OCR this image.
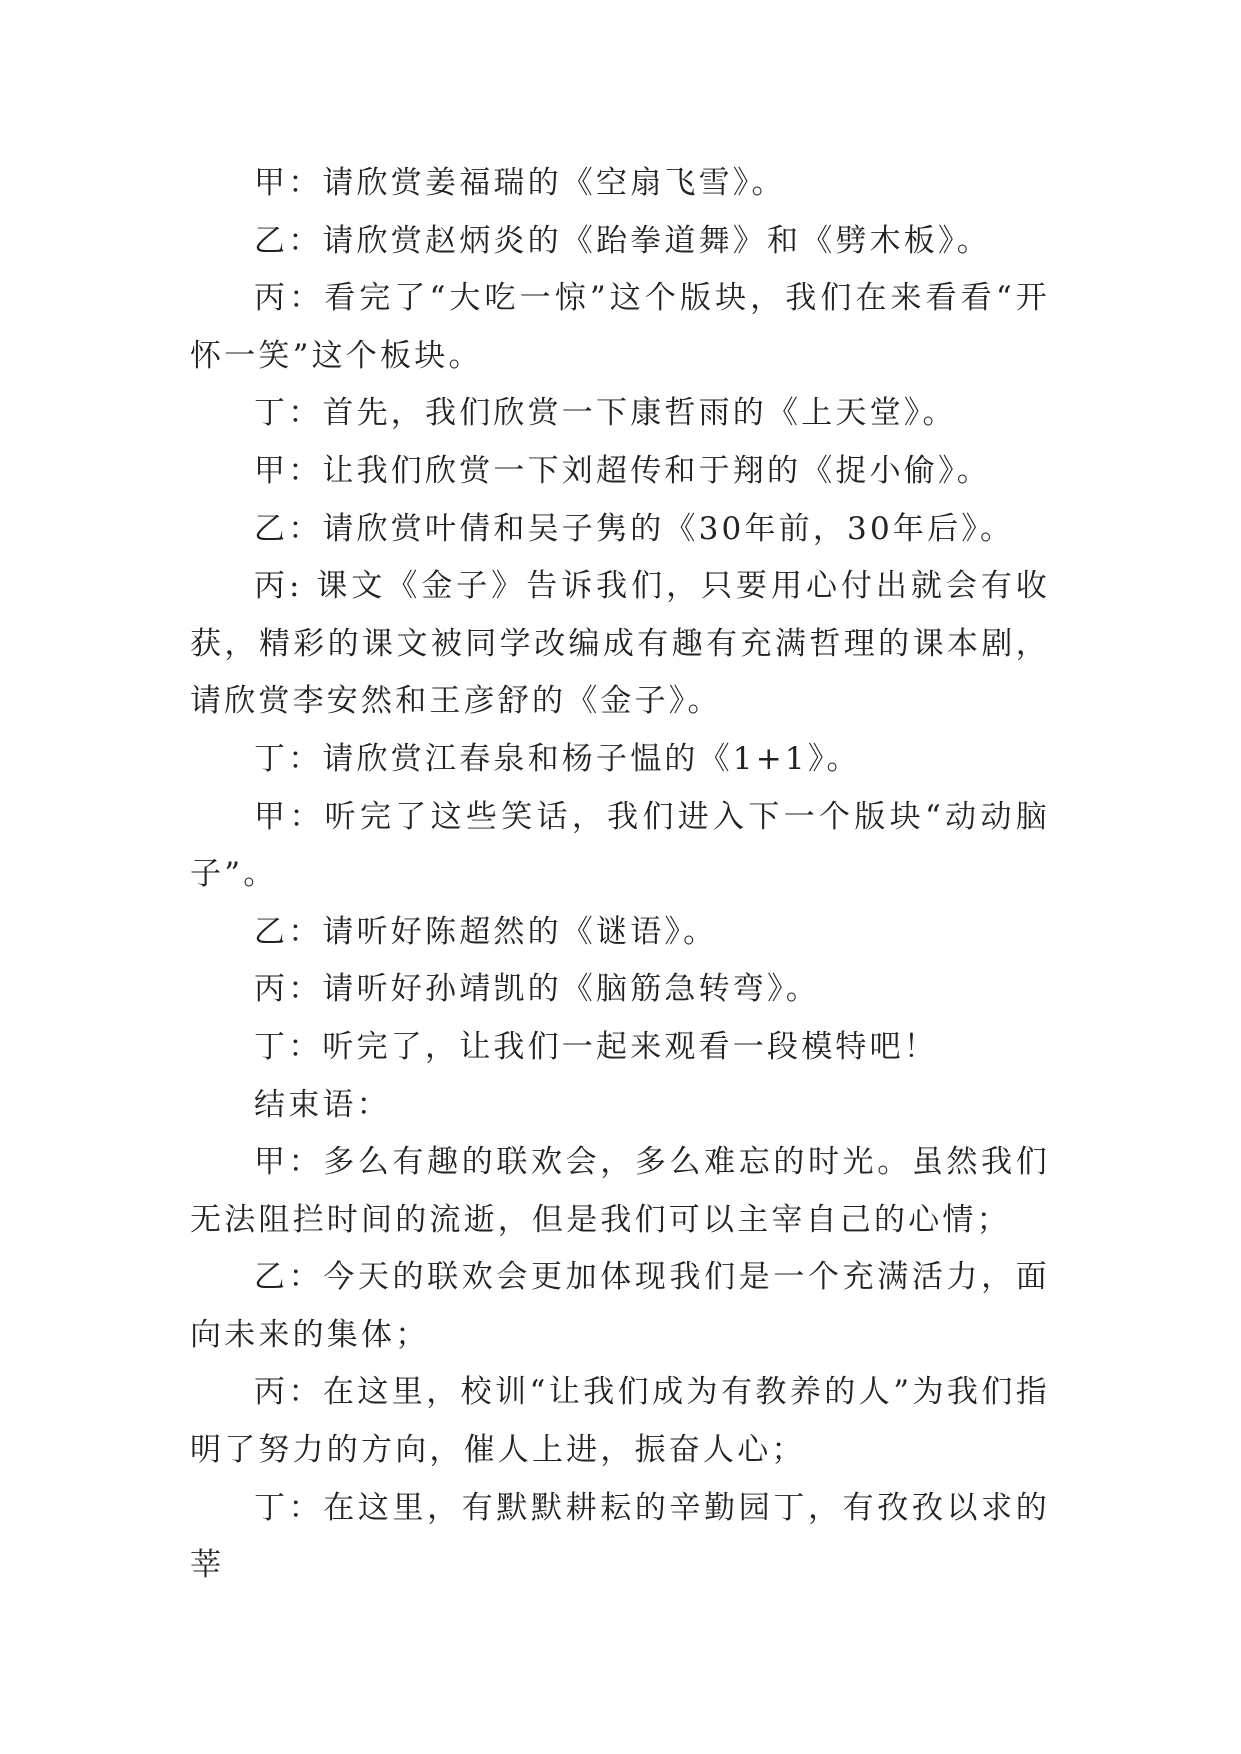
甲：请欣赏姜福瑞的《空扇飞雪》。

乙：请欣赏赵炳炎的《跆拳道舞》和《劈木板》。

丙：看完了“大吃一惊”这个版块，我们在来看看“开怀一笑”这个板块。

丁：首先，我们欣赏一下康哲雨的《上天堂》。

甲：让我们欣赏一下刘超传和于翔的《捉小偷》。

乙：请欣赏叶倩和吴子隽的《30年前，30年后》。

丙: 课文《金子》告诉我们，只要用心付出就会有收获，精彩的课文被同学改编成有趣有充满哲理的课本剧，请欣赏李安然和王彦舒的《金子》。

丁：请欣赏江春泉和杨子愠的《1+1》。

甲：听完了这些笑话，我们进入下一个版块“动动脑子”。

乙：请听好陈超然的《谜语》。

丙：请听好孙靖凯的《脑筋急转弯》。

丁：听完了，让我们一起来观看一段模特吧！

结束语：

甲：多么有趣的联欢会，多么难忘的时光。虽然我们无法阻拦时间的流逝，但是我们可以主宰自己的心情；

乙：今天的联欢会更加体现我们是一个充满活力，面向未来的集体；

丙：在这里，校训“让我们成为有教养的人”为我们指明了努力的方向，催人上进，振奋人心；

丁：在这里，有默默耕耘的辛勤园丁，有孜孜以求的莘
